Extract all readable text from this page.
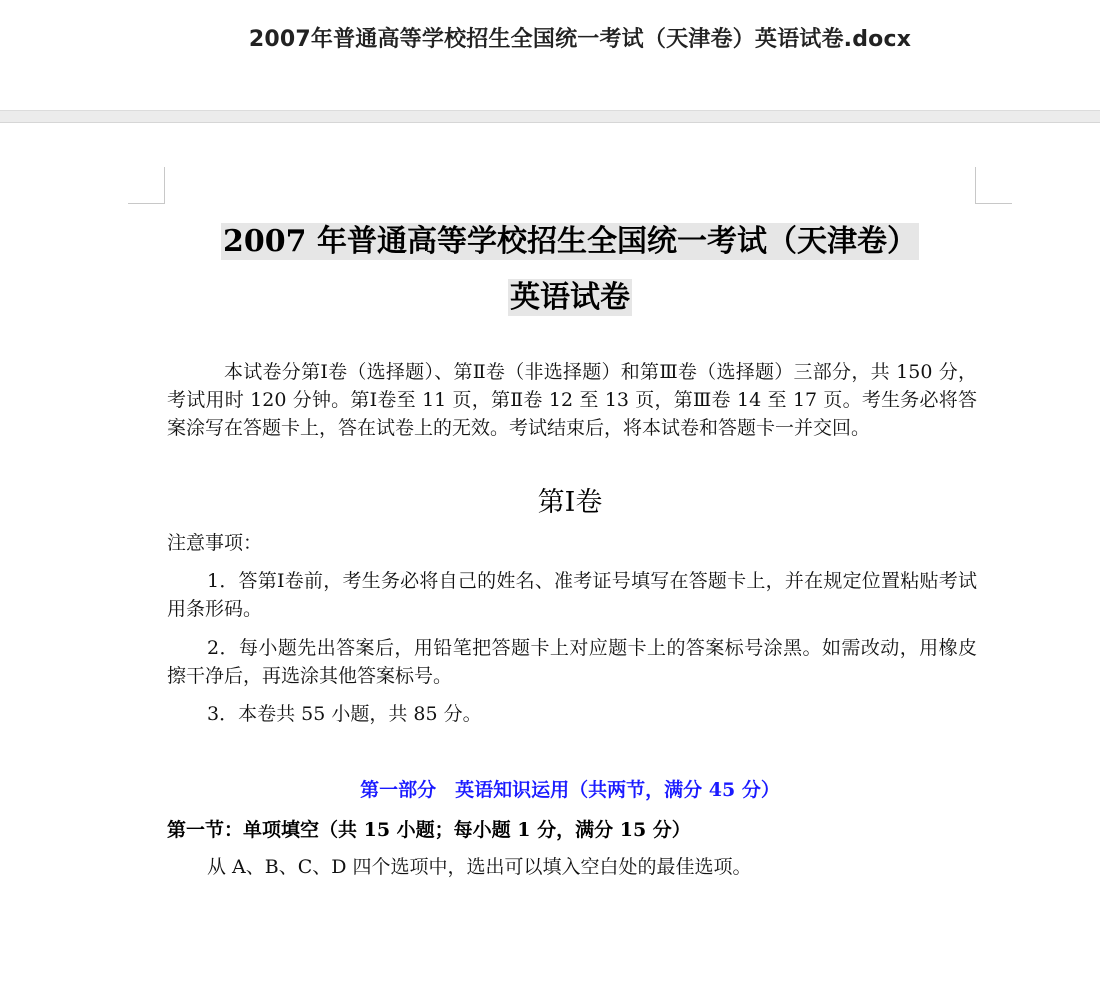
2007年普通高等学校招生全国统一考试（天津卷）英语试卷.docx
2007 年普通高等学校招生全国统一考试（天津卷）
英语试卷

本试卷分第Ⅰ卷（选择题）、第Ⅱ卷（非选择题）和第Ⅲ卷（选择题）三部分，共 150 分，考试用时 120 分钟。第Ⅰ卷至 11 页，第Ⅱ卷 12 至 13 页，第Ⅲ卷 14 至 17 页。考生务必将答案涂写在答题卡上，答在试卷上的无效。考试结束后，将本试卷和答题卡一并交回。

第Ⅰ卷

注意事项：

1．答第Ⅰ卷前，考生务必将自己的姓名、准考证号填写在答题卡上，并在规定位置粘贴考试用条形码。

2．每小题先出答案后，用铅笔把答题卡上对应题卡上的答案标号涂黑。如需改动，用橡皮擦干净后，再选涂其他答案标号。

3．本卷共 55 小题，共 85 分。

第一部分　英语知识运用（共两节，满分 45 分）
第一节：单项填空（共 15 小题；每小题 1 分，满分 15 分）
从 A、B、C、D 四个选项中，选出可以填入空白处的最佳选项。
